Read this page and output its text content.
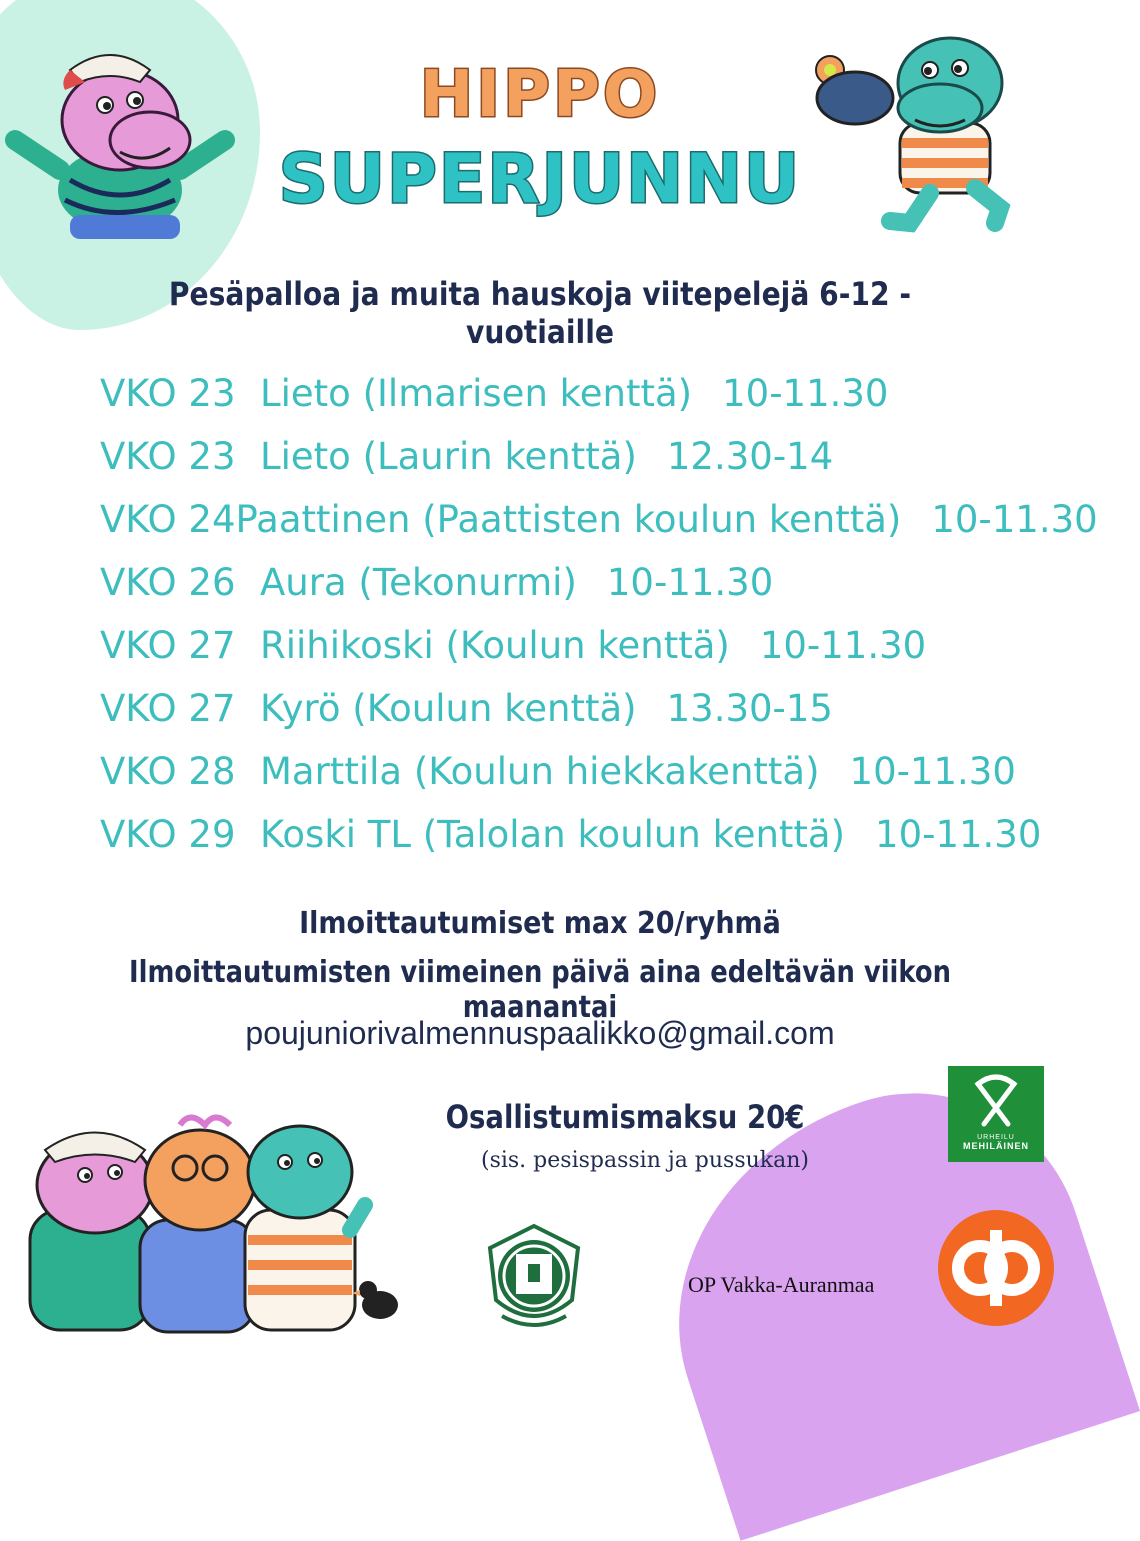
HIPPO
SUPERJUNNU
Pesäpalloa ja muita hauskoja viitepelejä 6-12 -vuotiaille
VKO 23 Lieto (Ilmarisen kenttä) 10-11.30
VKO 23 Lieto (Laurin kenttä) 12.30-14
VKO 24 Paattinen (Paattisten koulun kenttä) 10-11.30
VKO 26 Aura (Tekonurmi) 10-11.30
VKO 27 Riihikoski (Koulun kenttä) 10-11.30
VKO 27 Kyrö (Koulun kenttä) 13.30-15
VKO 28 Marttila (Koulun hiekkakenttä) 10-11.30
VKO 29 Koski TL (Talolan koulun kenttä) 10-11.30
Ilmoittautumiset max 20/ryhmä
Ilmoittautumisten viimeinen päivä aina edeltävän viikon maanantai
poujuniorivalmennuspaalikko@gmail.com
Osallistumismaksu 20€
(sis. pesispassin ja pussukan)
URHEILU
MEHILÄINEN
OP Vakka-Auranmaa
